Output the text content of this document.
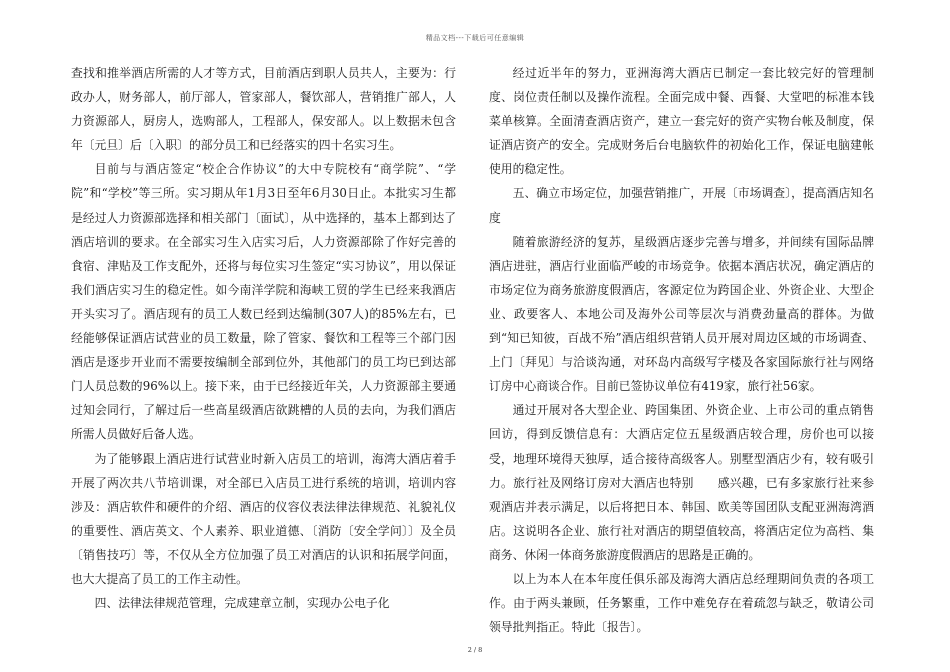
精品文档---下载后可任意编辑

查找和推举酒店所需的人才等方式，目前酒店到职人员共人，主要为：行政办人，财务部人，前厅部人，管家部人，餐饮部人，营销推广部人，人力资源部人，厨房人，选购部人，工程部人，保安部人。以上数据未包含年〔元旦〕后〔入职〕的部分员工和已经落实的四十名实习生。

目前与与酒店签定“校企合作协议”的大中专院校有“商学院”、“学院”和“学校”等三所。实习期从年1月3日至年6月30日止。本批实习生都是经过人力资源部选择和相关部门〔面试〕，从中选择的，基本上都到达了酒店培训的要求。在全部实习生入店实习后，人力资源部除了作好完善的食宿、津贴及工作支配外，还将与每位实习生签定“实习协议”，用以保证我们酒店实习生的稳定性。如今南洋学院和海峡工贸的学生已经来我酒店开头实习了。酒店现有的员工人数已经到达编制(307人)的85%左右，已经能够保证酒店试营业的员工数量，除了管家、餐饮和工程等三个部门因酒店是逐步开业而不需要按编制全部到位外，其他部门的员工均已到达部门人员总数的96%以上。接下来，由于已经接近年关，人力资源部主要通过知会同行，了解过后一些高星级酒店欲跳槽的人员的去向，为我们酒店所需人员做好后备人选。

为了能够跟上酒店进行试营业时新入店员工的培训，海湾大酒店着手开展了两次共八节培训课，对全部已入店员工进行系统的培训，培训内容涉及：酒店软件和硬件的介绍、酒店的仪容仪表法律法律规范、礼貌礼仪的重要性、酒店英文、个人素养、职业道德、〔消防〔安全学问〕〕及全员〔销售技巧〕等，不仅从全方位加强了员工对酒店的认识和拓展学问面，也大大提高了员工的工作主动性。

四、法律法律规范管理，完成建章立制，实现办公电子化

经过近半年的努力，亚洲海湾大酒店已制定一套比较完好的管理制度、岗位责任制以及操作流程。全面完成中餐、西餐、大堂吧的标准本钱菜单核算。全面清查酒店资产，建立一套完好的资产实物台帐及制度，保证酒店资产的安全。完成财务后台电脑软件的初始化工作，保证电脑建帐使用的稳定性。

五、确立市场定位，加强营销推广，开展〔市场调查〕，提高酒店知名度

随着旅游经济的复苏，星级酒店逐步完善与增多，并间续有国际品牌酒店进驻，酒店行业面临严峻的市场竞争。依据本酒店状况，确定酒店的市场定位为商务旅游度假酒店，客源定位为跨国企业、外资企业、大型企业、政要客人、本地公司及海外公司等层次与消费劲量高的群体。为做到“知已知彼，百战不殆”酒店组织营销人员开展对周边区域的市场调查、上门〔拜见〕与洽谈沟通，对环岛内高级写字楼及各家国际旅行社与网络订房中心商谈合作。目前已签协议单位有419家，旅行社56家。

通过开展对各大型企业、跨国集团、外资企业、上市公司的重点销售回访，得到反馈信息有：大酒店定位五星级酒店较合理，房价也可以接受，地理环境得天独厚，适合接待高级客人。别墅型酒店少有，较有吸引力。旅行社及网络订房对大酒店也特别　　感兴趣，已有多家旅行社来参观酒店并表示满足，以后将把日本、韩国、欧美等国团队支配亚洲海湾酒店。这说明各企业、旅行社对酒店的期望值较高，将酒店定位为高档、集商务、休闲一体商务旅游度假酒店的思路是正确的。

以上为本人在本年度任俱乐部及海湾大酒店总经理期间负责的各项工作。由于两头兼顾，任务繁重，工作中难免存在着疏忽与缺乏，敬请公司领导批判指正。特此〔报告〕。

2 / 8
